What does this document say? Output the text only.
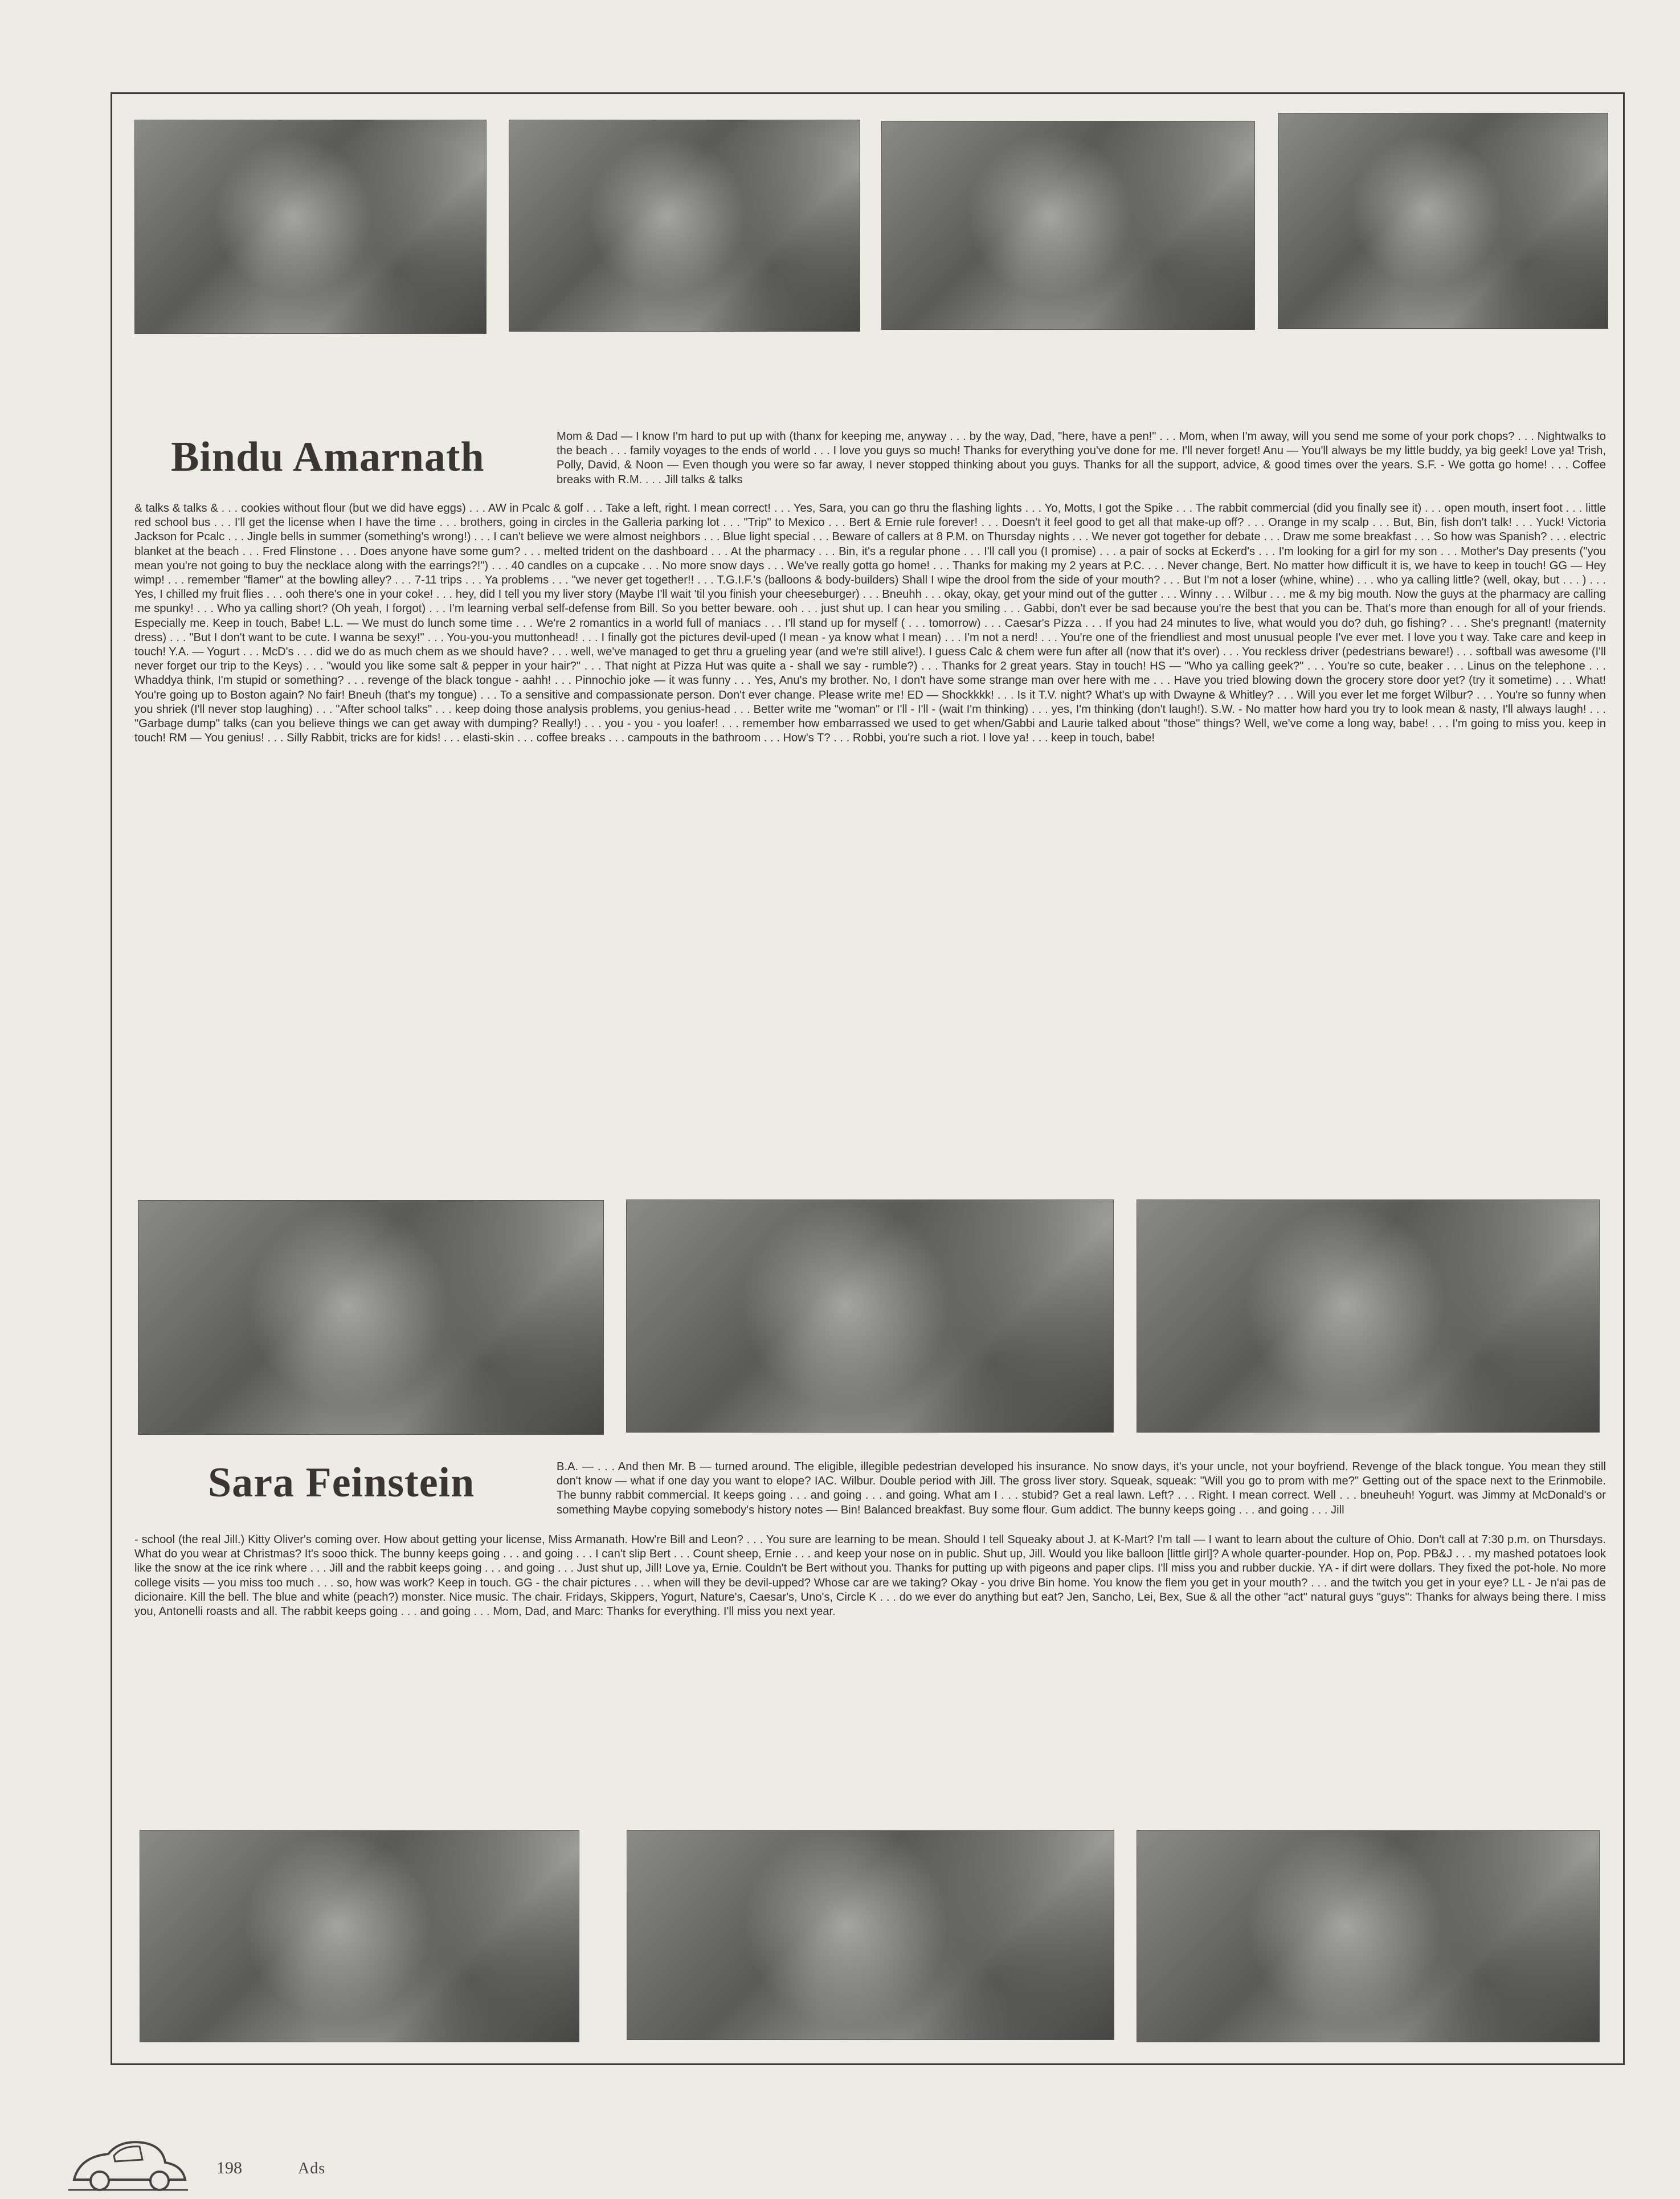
Bindu Amarnath	Mom & Dad — I know I'm hard to put up with (thanx for keeping me, anyway . . . by the way, Dad, "here, have a pen!" . . . Mom, when I'm away, will you send me some of your pork chops? . . . Nightwalks to the beach . . . family voyages to the ends of world . . . I love you guys so much! Thanks for everything you've done for me. I'll never forget! Anu — You'll always be my little buddy, ya big geek! Love ya! Trish, Polly, David, & Noon — Even though you were so far away, I never stopped thinking about you guys. Thanks for all the support, advice, & good times over the years. S.F. - We gotta go home! . . . Coffee breaks with R.M. . . . Jill talks & talks

& talks & talks & . . . cookies without flour (but we did have eggs) . . . AW in Pcalc & golf . . . Take a left, right. I mean correct! . . . Yes, Sara, you can go thru the flashing lights . . . Yo, Motts, I got the Spike . . . The rabbit commercial (did you finally see it) . . . open mouth, insert foot . . . little red school bus . . . I'll get the license when I have the time . . . brothers, going in circles in the Galleria parking lot . . . "Trip" to Mexico . . . Bert & Ernie rule forever! . . . Doesn't it feel good to get all that make-up off? . . . Orange in my scalp . . . But, Bin, fish don't talk! . . . Yuck! Victoria Jackson for Pcalc . . . Jingle bells in summer (something's wrong!) . . . I can't believe we were almost neighbors . . . Blue light special . . . Beware of callers at 8 P.M. on Thursday nights . . . We never got together for debate . . . Draw me some breakfast . . . So how was Spanish? . . . electric blanket at the beach . . . Fred Flinstone . . . Does anyone have some gum? . . . melted trident on the dashboard . . . At the pharmacy . . . Bin, it's a regular phone . . . I'll call you (I promise) . . . a pair of socks at Eckerd's . . . I'm looking for a girl for my son . . . Mother's Day presents ("you mean you're not going to buy the necklace along with the earrings?!") . . . 40 candles on a cupcake . . . No more snow days . . . We've really gotta go home! . . . Thanks for making my 2 years at P.C. . . . Never change, Bert. No matter how difficult it is, we have to keep in touch! GG — Hey wimp! . . . remember "flamer" at the bowling alley? . . . 7-11 trips . . . Ya problems . . . "we never get together!! . . . T.G.I.F.'s (balloons & body-builders) Shall I wipe the drool from the side of your mouth? . . . But I'm not a loser (whine, whine) . . . who ya calling little? (well, okay, but . . . ) . . . Yes, I chilled my fruit flies . . . ooh there's one in your coke! . . . hey, did I tell you my liver story (Maybe I'll wait 'til you finish your cheeseburger) . . . Bneuhh . . . okay, okay, get your mind out of the gutter . . . Winny . . . Wilbur . . . me & my big mouth. Now the guys at the pharmacy are calling me spunky! . . . Who ya calling short? (Oh yeah, I forgot) . . . I'm learning verbal self-defense from Bill. So you better beware. ooh . . . just shut up. I can hear you smiling . . . Gabbi, don't ever be sad because you're the best that you can be. That's more than enough for all of your friends. Especially me. Keep in touch, Babe! L.L. — We must do lunch some time . . . We're 2 romantics in a world full of maniacs . . . I'll stand up for myself ( . . . tomorrow) . . . Caesar's Pizza . . . If you had 24 minutes to live, what would you do? duh, go fishing? . . . She's pregnant! (maternity dress) . . . "But I don't want to be cute. I wanna be sexy!" . . . You-you-you muttonhead! . . . I finally got the pictures devil-uped (I mean - ya know what I mean) . . . I'm not a nerd! . . . You're one of the friendliest and most unusual people I've ever met. I love you t way. Take care and keep in touch! Y.A. — Yogurt . . . McD's . . . did we do as much chem as we should have? . . . well, we've managed to get thru a grueling year (and we're still alive!). I guess Calc & chem were fun after all (now that it's over) . . . You reckless driver (pedestrians beware!) . . . softball was awesome (I'll never forget our trip to the Keys) . . . "would you like some salt & pepper in your hair?" . . . That night at Pizza Hut was quite a - shall we say - rumble?) . . . Thanks for 2 great years. Stay in touch! HS — "Who ya calling geek?" . . . You're so cute, beaker . . . Linus on the telephone . . . Whaddya think, I'm stupid or something? . . . revenge of the black tongue - aahh! . . . Pinnochio joke — it was funny . . . Yes, Anu's my brother. No, I don't have some strange man over here with me . . . Have you tried blowing down the grocery store door yet? (try it sometime) . . . What! You're going up to Boston again? No fair! Bneuh (that's my tongue) . . . To a sensitive and compassionate person. Don't ever change. Please write me! ED — Shockkkk! . . . Is it T.V. night? What's up with Dwayne & Whitley? . . . Will you ever let me forget Wilbur? . . . You're so funny when you shriek (I'll never stop laughing) . . . "After school talks" . . . keep doing those analysis problems, you genius-head . . . Better write me "woman" or I'll - I'll - (wait I'm thinking) . . . yes, I'm thinking (don't laugh!). S.W. - No matter how hard you try to look mean & nasty, I'll always laugh! . . . "Garbage dump" talks (can you believe things we can get away with dumping? Really!) . . . you - you - you loafer! . . . remember how embarrassed we used to get when/Gabbi and Laurie talked about "those" things? Well, we've come a long way, babe! . . . I'm going to miss you. keep in touch! RM — You genius! . . . Silly Rabbit, tricks are for kids! . . . elasti-skin . . . coffee breaks . . . campouts in the bathroom . . . How's T? . . . Robbi, you're such a riot. I love ya! . . . keep in touch, babe!

Sara Feinstein	B.A. — . . . And then Mr. B — turned around. The eligible, illegible pedestrian developed his insurance. No snow days, it's your uncle, not your boyfriend. Revenge of the black tongue. You mean they still don't know — what if one day you want to elope? IAC. Wilbur. Double period with Jill. The gross liver story. Squeak, squeak: "Will you go to prom with me?" Getting out of the space next to the Erinmobile. The bunny rabbit commercial. It keeps going . . . and going . . . and going. What am I . . . stubid? Get a real lawn. Left? . . . Right. I mean correct. Well . . . bneuheuh! Yogurt. was Jimmy at McDonald's or something Maybe copying somebody's history notes — Bin! Balanced breakfast. Buy some flour. Gum addict. The bunny keeps going . . . and going . . . Jill

- school (the real Jill.) Kitty Oliver's coming over. How about getting your license, Miss Armanath. How're Bill and Leon? . . . You sure are learning to be mean. Should I tell Squeaky about J. at K-Mart? I'm tall — I want to learn about the culture of Ohio. Don't call at 7:30 p.m. on Thursdays. What do you wear at Christmas? It's sooo thick. The bunny keeps going . . . and going . . . I can't slip Bert . . . Count sheep, Ernie . . . and keep your nose on in public. Shut up, Jill. Would you like balloon [little girl]? A whole quarter-pounder. Hop on, Pop. PB&J . . . my mashed potatoes look like the snow at the ice rink where . . . Jill and the rabbit keeps going . . . and going . . . Just shut up, Jill! Love ya, Ernie. Couldn't be Bert without you. Thanks for putting up with pigeons and paper clips. I'll miss you and rubber duckie. YA - if dirt were dollars. They fixed the pot-hole. No more college visits — you miss too much . . . so, how was work? Keep in touch. GG - the chair pictures . . . when will they be devil-upped? Whose car are we taking? Okay - you drive Bin home. You know the flem you get in your mouth? . . . and the twitch you get in your eye? LL - Je n'ai pas de dicionaire. Kill the bell. The blue and white (peach?) monster. Nice music. The chair. Fridays, Skippers, Yogurt, Nature's, Caesar's, Uno's, Circle K . . . do we ever do anything but eat? Jen, Sancho, Lei, Bex, Sue & all the other "act" natural guys "guys": Thanks for always being there. I miss you, Antonelli roasts and all. The rabbit keeps going . . . and going . . . Mom, Dad, and Marc: Thanks for everything. I'll miss you next year.

198	Ads
